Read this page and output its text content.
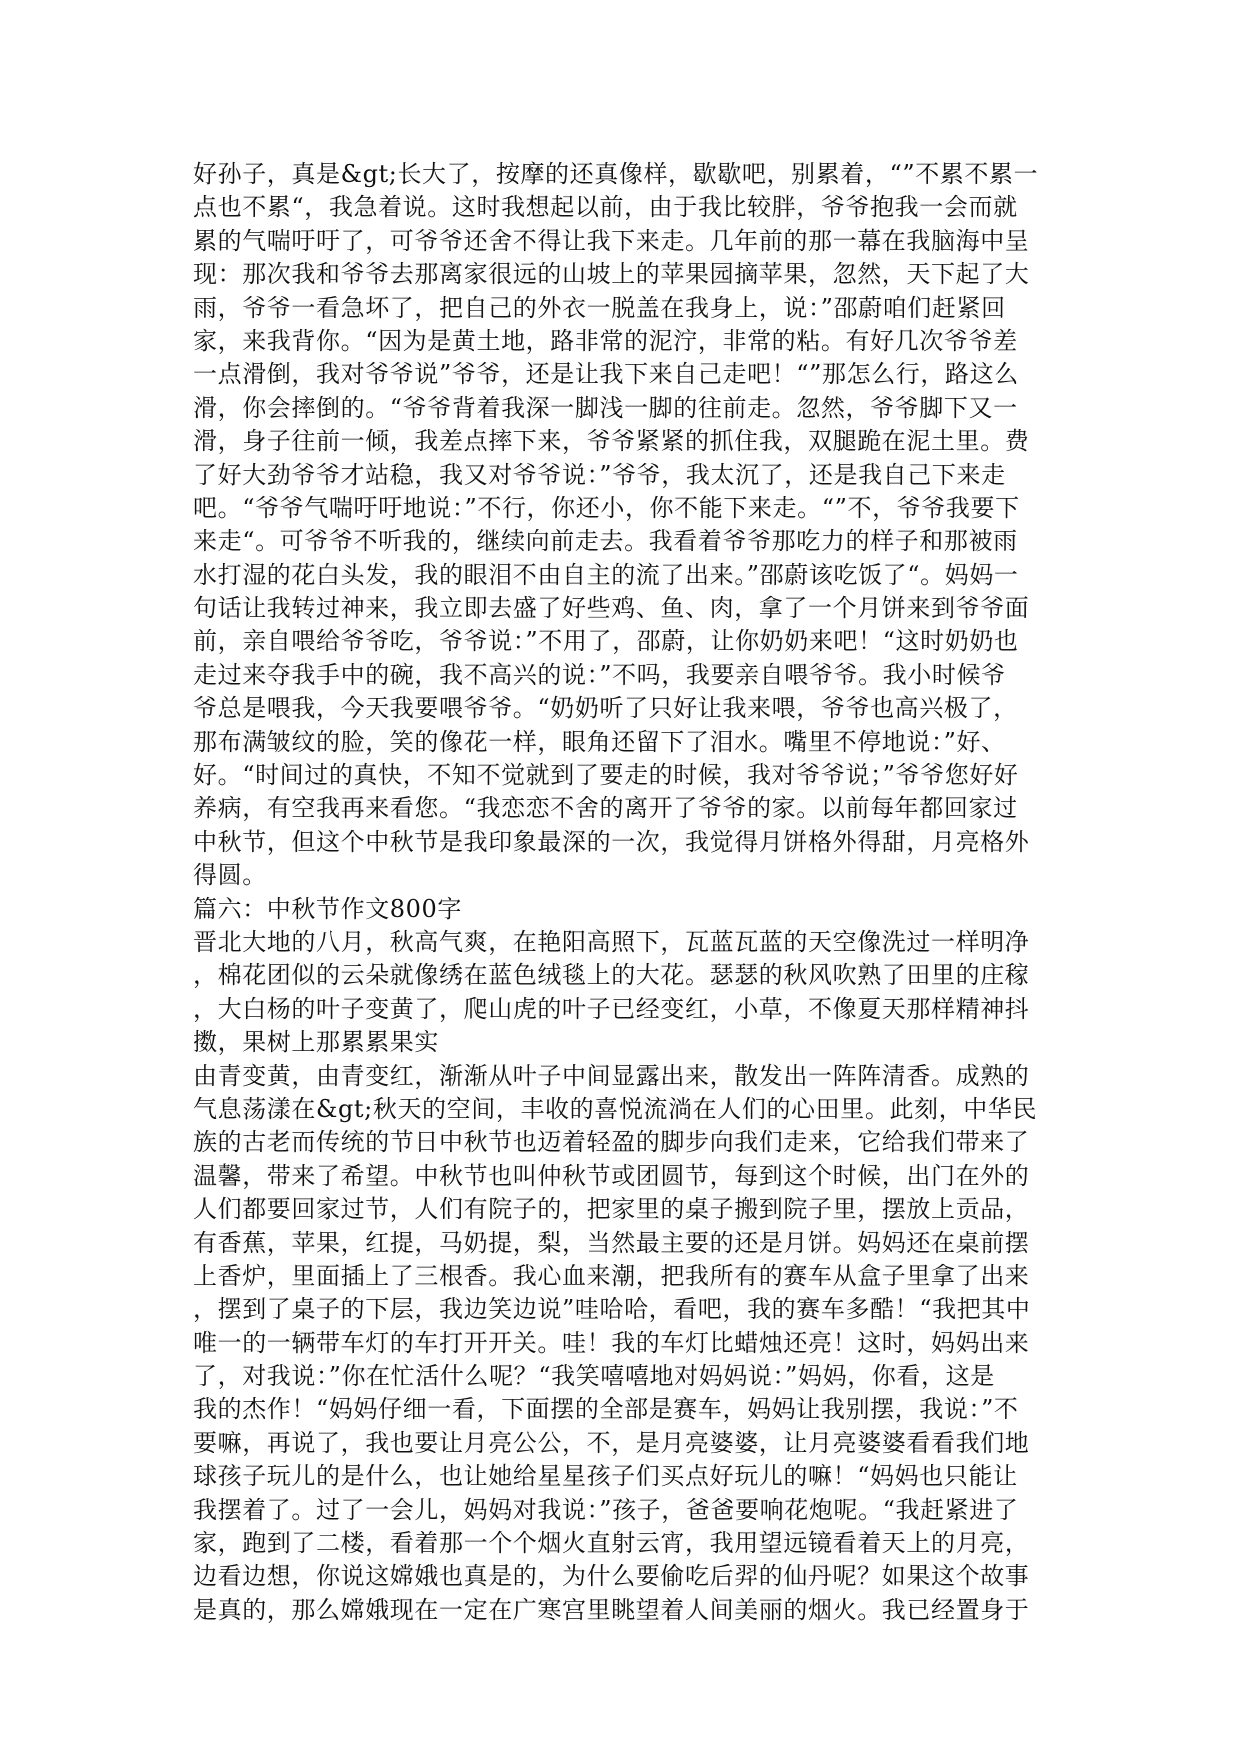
好孙子，真是&gt;长大了，按摩的还真像样，歇歇吧，别累着，“”不累不累一
点也不累“，我急着说。这时我想起以前，由于我比较胖，爷爷抱我一会而就
累的气喘吁吁了，可爷爷还舍不得让我下来走。几年前的那一幕在我脑海中呈
现：那次我和爷爷去那离家很远的山坡上的苹果园摘苹果，忽然，天下起了大
雨，爷爷一看急坏了，把自己的外衣一脱盖在我身上，说：”邵蔚咱们赶紧回
家，来我背你。“因为是黄土地，路非常的泥泞，非常的粘。有好几次爷爷差
一点滑倒，我对爷爷说”爷爷，还是让我下来自己走吧！“”那怎么行，路这么
滑，你会摔倒的。“爷爷背着我深一脚浅一脚的往前走。忽然，爷爷脚下又一
滑，身子往前一倾，我差点摔下来，爷爷紧紧的抓住我，双腿跪在泥土里。费
了好大劲爷爷才站稳，我又对爷爷说：”爷爷，我太沉了，还是我自己下来走
吧。“爷爷气喘吁吁地说：”不行，你还小，你不能下来走。“”不，爷爷我要下
来走“。可爷爷不听我的，继续向前走去。我看着爷爷那吃力的样子和那被雨
水打湿的花白头发，我的眼泪不由自主的流了出来。”邵蔚该吃饭了“。妈妈一
句话让我转过神来，我立即去盛了好些鸡、鱼、肉，拿了一个月饼来到爷爷面
前，亲自喂给爷爷吃，爷爷说：”不用了，邵蔚，让你奶奶来吧！“这时奶奶也
走过来夺我手中的碗，我不高兴的说：”不吗，我要亲自喂爷爷。我小时候爷
爷总是喂我，今天我要喂爷爷。“奶奶听了只好让我来喂，爷爷也高兴极了，
那布满皱纹的脸，笑的像花一样，眼角还留下了泪水。嘴里不停地说：”好、
好。“时间过的真快，不知不觉就到了要走的时候，我对爷爷说；”爷爷您好好
养病，有空我再来看您。“我恋恋不舍的离开了爷爷的家。以前每年都回家过
中秋节，但这个中秋节是我印象最深的一次，我觉得月饼格外得甜，月亮格外
得圆。
篇六：中秋节作文800字
晋北大地的八月，秋高气爽，在艳阳高照下，瓦蓝瓦蓝的天空像洗过一样明净
，棉花团似的云朵就像绣在蓝色绒毯上的大花。瑟瑟的秋风吹熟了田里的庄稼
，大白杨的叶子变黄了，爬山虎的叶子已经变红，小草，不像夏天那样精神抖
擞，果树上那累累果实
由青变黄，由青变红，渐渐从叶子中间显露出来，散发出一阵阵清香。成熟的
气息荡漾在&gt;秋天的空间，丰收的喜悦流淌在人们的心田里。此刻，中华民
族的古老而传统的节日中秋节也迈着轻盈的脚步向我们走来，它给我们带来了
温馨，带来了希望。中秋节也叫仲秋节或团圆节，每到这个时候，出门在外的
人们都要回家过节，人们有院子的，把家里的桌子搬到院子里，摆放上贡品，
有香蕉，苹果，红提，马奶提，梨，当然最主要的还是月饼。妈妈还在桌前摆
上香炉，里面插上了三根香。我心血来潮，把我所有的赛车从盒子里拿了出来
，摆到了桌子的下层，我边笑边说”哇哈哈，看吧，我的赛车多酷！“我把其中
唯一的一辆带车灯的车打开开关。哇！我的车灯比蜡烛还亮！这时，妈妈出来
了，对我说：”你在忙活什么呢？“我笑嘻嘻地对妈妈说：”妈妈，你看，这是
我的杰作！“妈妈仔细一看，下面摆的全部是赛车，妈妈让我别摆，我说：”不
要嘛，再说了，我也要让月亮公公，不，是月亮婆婆，让月亮婆婆看看我们地
球孩子玩儿的是什么，也让她给星星孩子们买点好玩儿的嘛！“妈妈也只能让
我摆着了。过了一会儿，妈妈对我说：”孩子，爸爸要响花炮呢。“我赶紧进了
家，跑到了二楼，看着那一个个烟火直射云宵，我用望远镜看着天上的月亮，
边看边想，你说这嫦娥也真是的，为什么要偷吃后羿的仙丹呢？如果这个故事
是真的，那么嫦娥现在一定在广寒宫里眺望着人间美丽的烟火。我已经置身于
